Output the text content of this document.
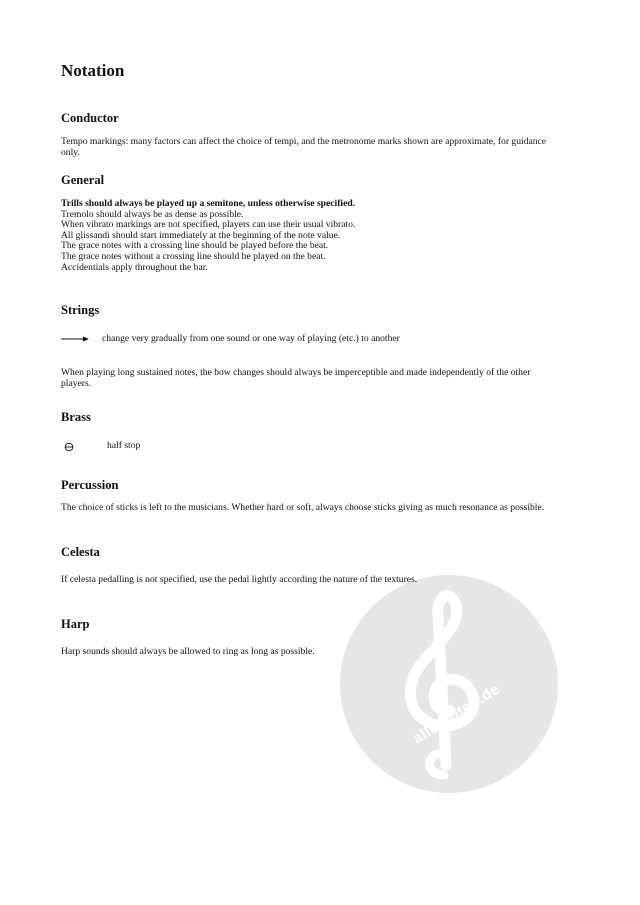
alle-noten.de
Notation
Conductor

Tempo markings: many factors can affect the choice of tempi, and the metronome marks shown are approximate, for guidance
only.

General

Trills should always be played up a semitone, unless otherwise specified.
Tremolo should always be as dense as possible.
When vibrato markings are not specified, players can use their usual vibrato.
All glissandi should start immediately at the beginning of the note value.
The grace notes with a crossing line should be played before the beat.
The grace notes without a crossing line should be played on the beat.
Accidentials apply throughout the bar.

Strings

change very gradually from one sound or one way of playing (etc.) to another

When playing long sustained notes, the bow changes should always be imperceptible and made independently of the other
players.

Brass

half stop

Percussion

The choice of sticks is left to the musicians. Whether hard or soft, always choose sticks giving as much resonance as possible.

Celesta

If celesta pedalling is not specified, use the pedal lightly according the nature of the textures.

Harp

Harp sounds should always be allowed to ring as long as possible.
